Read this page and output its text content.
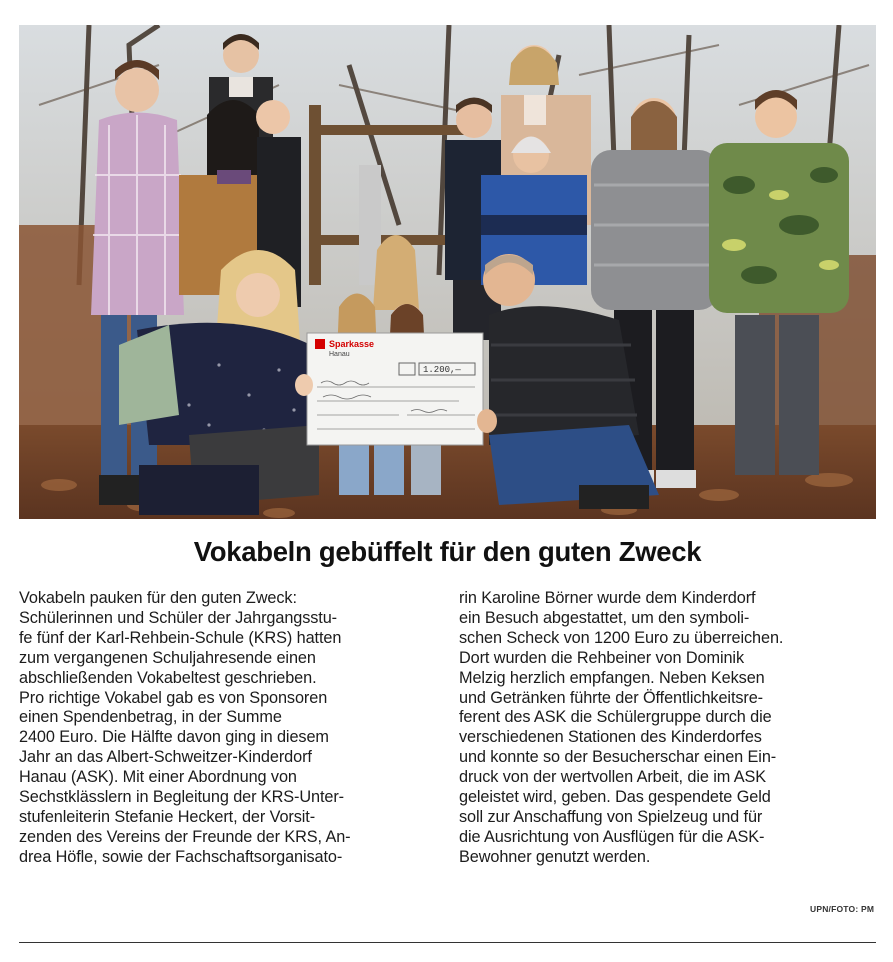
Sparkasse
Hanau
1.200,—
Vokabeln gebüffelt für den guten Zweck
Vokabeln pauken für den guten Zweck:
Schülerinnen und Schüler der Jahrgangsstu-
fe fünf der Karl-Rehbein-Schule (KRS) hatten
zum vergangenen Schuljahresende einen
abschließenden Vokabeltest geschrieben.
Pro richtige Vokabel gab es von Sponsoren
einen Spendenbetrag, in der Summe
2400 Euro. Die Hälfte davon ging in diesem
Jahr an das Albert-Schweitzer-Kinderdorf
Hanau (ASK). Mit einer Abordnung von
Sechstklässlern in Begleitung der KRS-Unter-
stufenleiterin Stefanie Heckert, der Vorsit-
zenden des Vereins der Freunde der KRS, An-
drea Höfle, sowie der Fachschaftsorganisato-
rin Karoline Börner wurde dem Kinderdorf
ein Besuch abgestattet, um den symboli-
schen Scheck von 1200 Euro zu überreichen.
Dort wurden die Rehbeiner von Dominik
Melzig herzlich empfangen. Neben Keksen
und Getränken führte der Öffentlichkeitsre-
ferent des ASK die Schülergruppe durch die
verschiedenen Stationen des Kinderdorfes
und konnte so der Besucherschar einen Ein-
druck von der wertvollen Arbeit, die im ASK
geleistet wird, geben. Das gespendete Geld
soll zur Anschaffung von Spielzeug und für
die Ausrichtung von Ausflügen für die ASK-
Bewohner genutzt werden.
UPN/FOTO: PM
